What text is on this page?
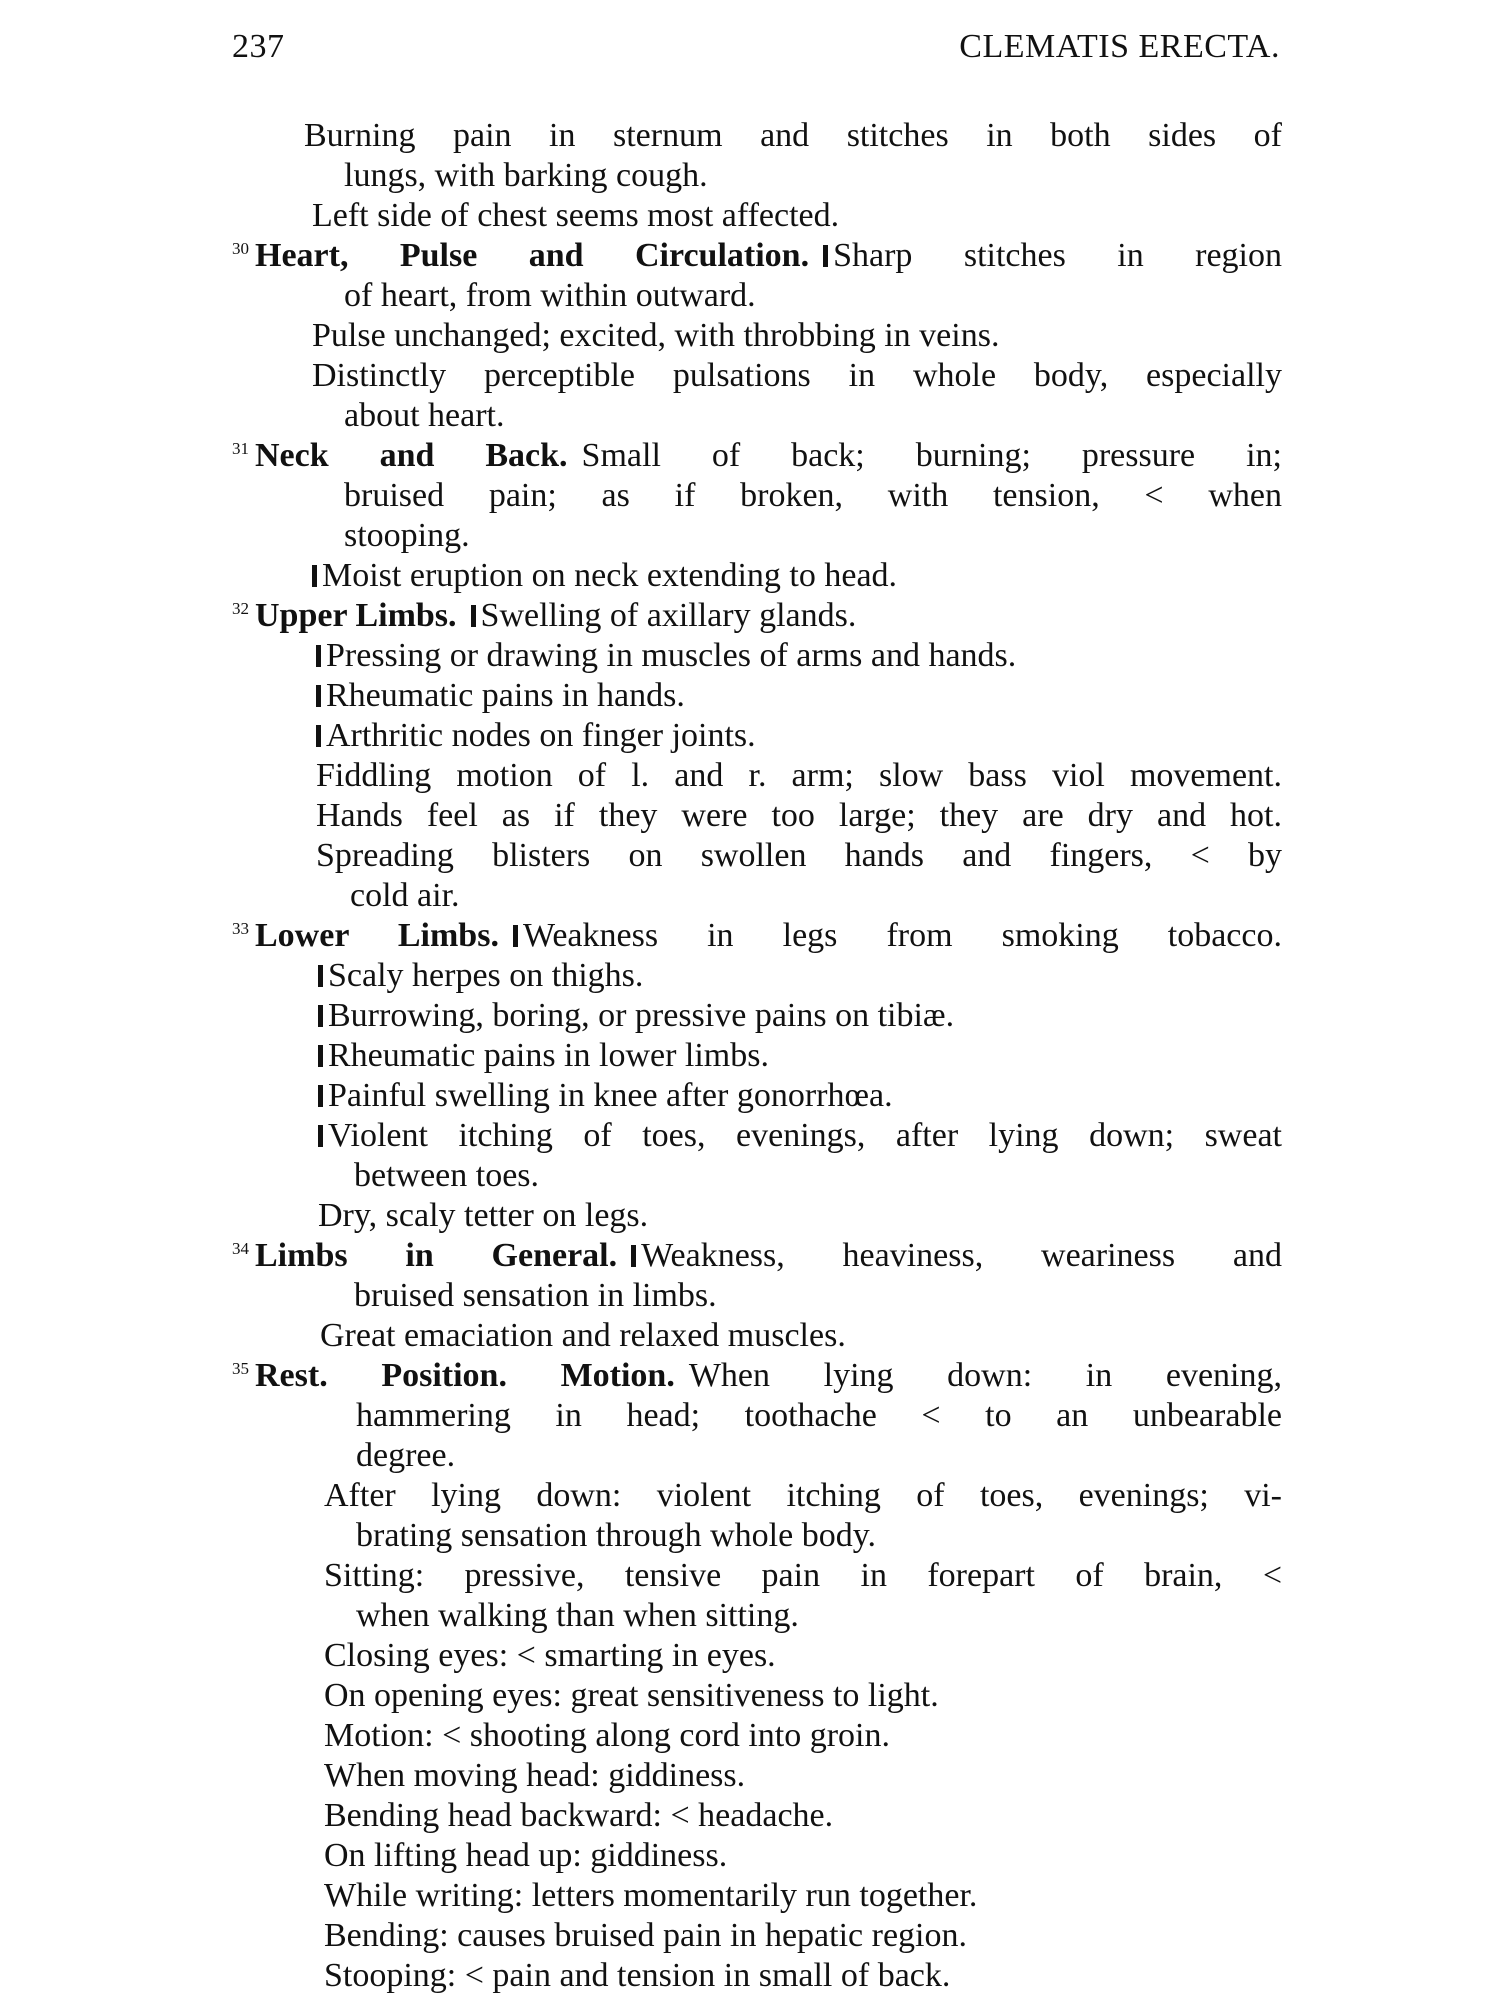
237	CLEMATIS ERECTA.
Burning pain in sternum and stitches in both sides of
lungs, with barking cough.
Left side of chest seems most affected.
$^{30}$ Heart, Pulse and Circulation. Sharp stitches in region
of heart, from within outward.
Pulse unchanged; excited, with throbbing in veins.
Distinctly perceptible pulsations in whole body, especially
about heart.
$^{31}$ Neck and Back. Small of back; burning; pressure in;
bruised pain; as if broken, with tension, < when
stooping.
Moist eruption on neck extending to head.
$^{32}$ Upper Limbs. Swelling of axillary glands.
Pressing or drawing in muscles of arms and hands.
Rheumatic pains in hands.
Arthritic nodes on finger joints.
Fiddling motion of l. and r. arm; slow bass viol movement.
Hands feel as if they were too large; they are dry and hot.
Spreading blisters on swollen hands and fingers, < by
cold air.
$^{33}$ Lower Limbs. Weakness in legs from smoking tobacco.
Scaly herpes on thighs.
Burrowing, boring, or pressive pains on tibiæ.
Rheumatic pains in lower limbs.
Painful swelling in knee after gonorrhœa.
Violent itching of toes, evenings, after lying down; sweat
between toes.
Dry, scaly tetter on legs.
$^{34}$ Limbs in General. Weakness, heaviness, weariness and
bruised sensation in limbs.
Great emaciation and relaxed muscles.
$^{35}$ Rest. Position. Motion. When lying down: in evening,
hammering in head; toothache < to an unbearable
degree.
After lying down: violent itching of toes, evenings; vi-
brating sensation through whole body.
Sitting: pressive, tensive pain in forepart of brain, <
when walking than when sitting.
Closing eyes: < smarting in eyes.
On opening eyes: great sensitiveness to light.
Motion: < shooting along cord into groin.
When moving head: giddiness.
Bending head backward: < headache.
On lifting head up: giddiness.
While writing: letters momentarily run together.
Bending: causes bruised pain in hepatic region.
Stooping: < pain and tension in small of back.
